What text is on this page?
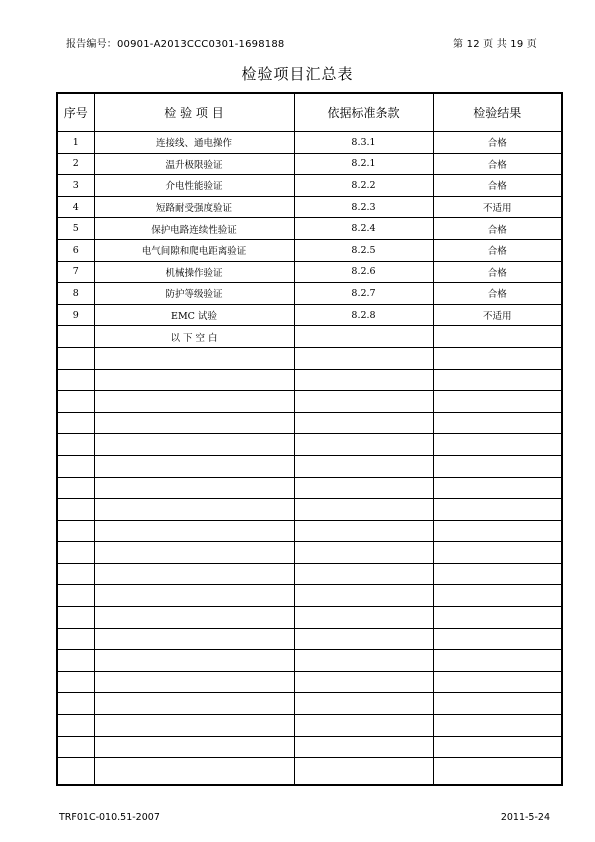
报告编号：00901-A2013CCC0301-1698188	第 12 页 共 19 页
检验项目汇总表
序号	检 验 项 目	依据标准条款	检验结果
1	连接线、通电操作	8.3.1	合格
2	温升极限验证	8.2.1	合格
3	介电性能验证	8.2.2	合格
4	短路耐受强度验证	8.2.3	不适用
5	保护电路连续性验证	8.2.4	合格
6	电气间隙和爬电距离验证	8.2.5	合格
7	机械操作验证	8.2.6	合格
8	防护等级验证	8.2.7	合格
9	EMC 试验	8.2.8	不适用
	以 下 空 白		

TRF01C-010.51-2007	2011-5-24
